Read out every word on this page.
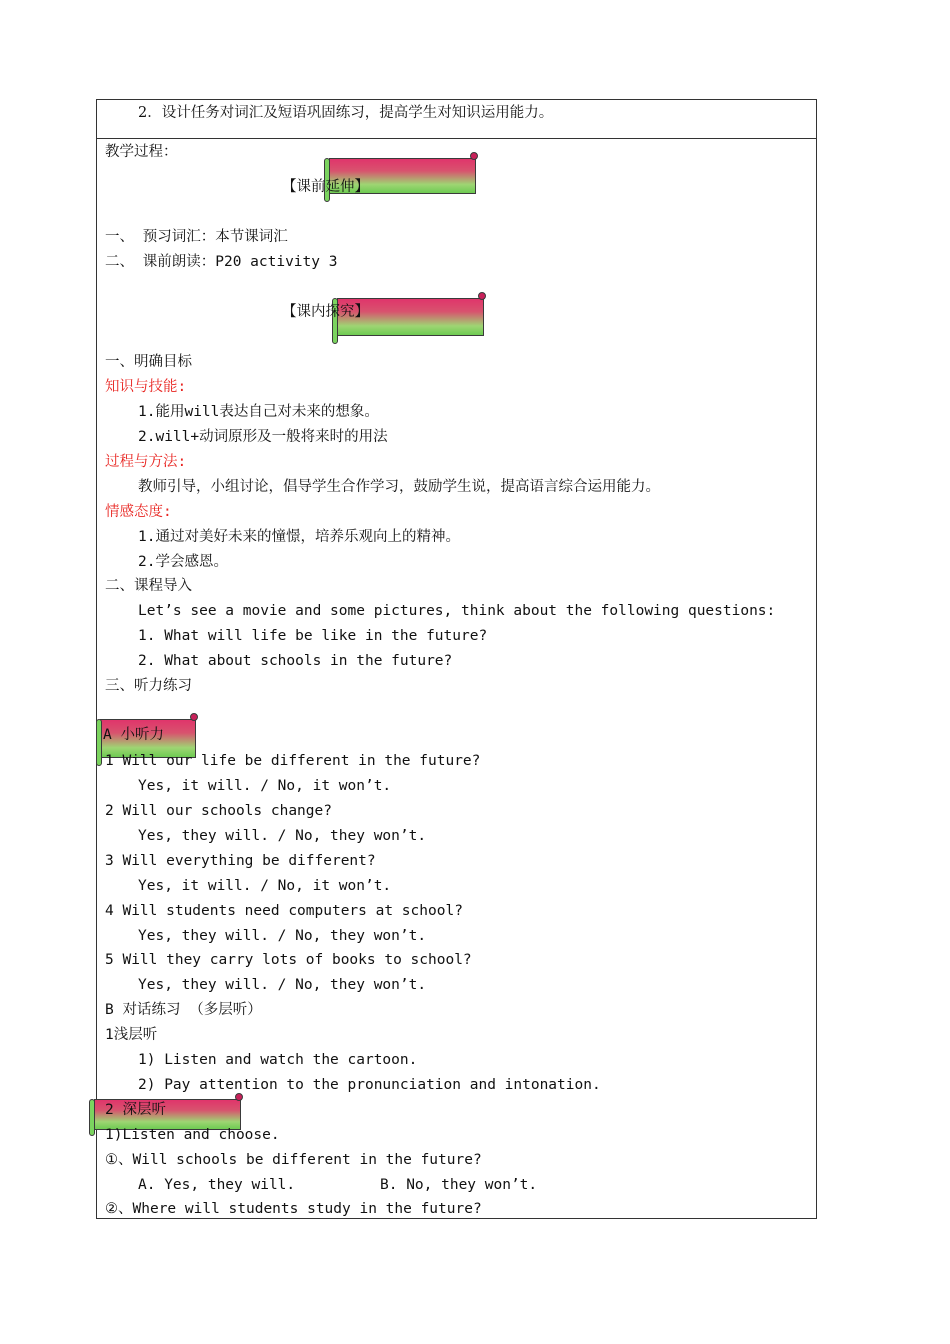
2．设计任务对词汇及短语巩固练习，提高学生对知识运用能力。
教学过程：
【课前延伸】
一、 预习词汇：本节课词汇
二、 课前朗读：P20 activity 3
【课内探究】
一、明确目标
知识与技能:
1.能用will表达自己对未来的想象。
2.will+动词原形及一般将来时的用法
过程与方法:
教师引导，小组讨论，倡导学生合作学习，鼓励学生说，提高语言综合运用能力。
情感态度:
1.通过对美好未来的憧憬，培养乐观向上的精神。
2.学会感恩。
二、课程导入
Let’s see a movie and some pictures, think about the following questions:
1. What will life be like in the future?
2. What about schools in the future?
三、听力练习
A 小听力
1 Will our life be different in the future?
Yes, it will. / No, it won’t.
2 Will our schools change?
Yes, they will. / No, they won’t.
3 Will everything be different?
Yes, it will. / No, it won’t.
4 Will students need computers at school?
Yes, they will. / No, they won’t.
5 Will they carry lots of books to school?
Yes, they will. / No, they won’t.
B 对话练习 （多层听）
1浅层听
1) Listen and watch the cartoon.
2) Pay attention to the pronunciation and intonation.
2 深层听
1)Listen and choose.
①、Will schools be different in the future?
A. Yes, they will.	B. No, they won’t.
②、Where will students study in the future?
